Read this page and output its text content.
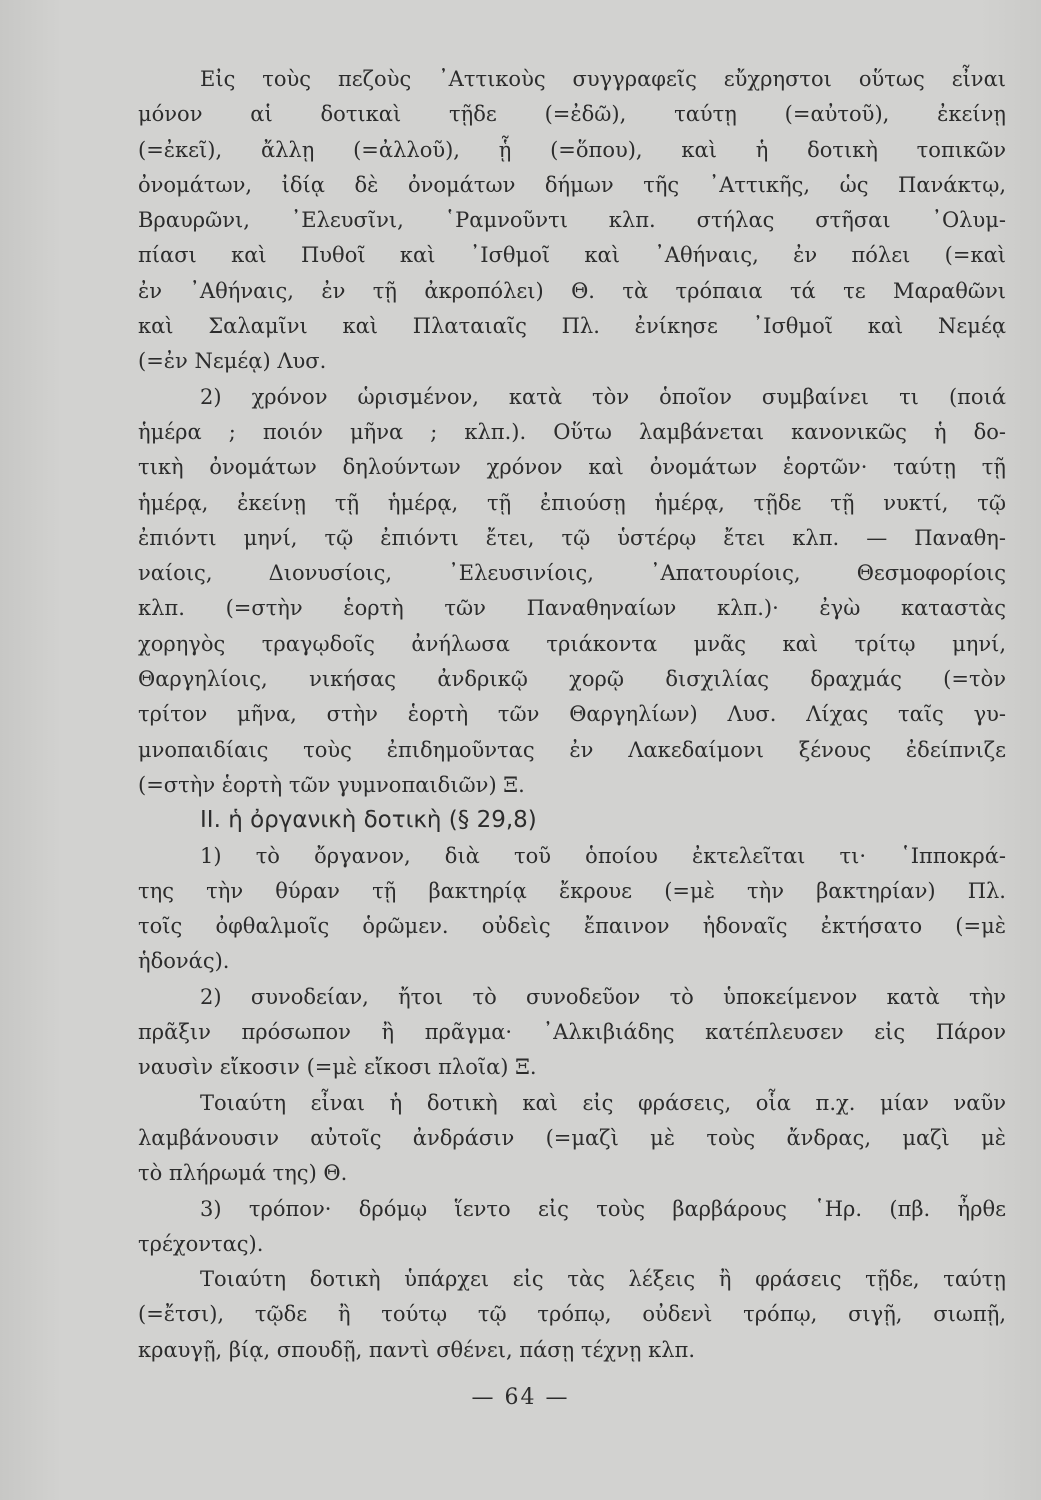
Εἰς τοὺς πεζοὺς ᾿Αττικοὺς συγγραφεῖς εὔχρηστοι οὕτως εἶναι
μόνον αἱ δοτικαὶ τῇδε (=ἐδῶ), ταύτῃ (=αὐτοῦ), ἐκείνῃ
(=ἐκεῖ), ἄλλῃ (=ἀλλοῦ), ᾗ (=ὅπου), καὶ ἡ δοτικὴ τοπικῶν
ὀνομάτων, ἰδίᾳ δὲ ὀνομάτων δήμων τῆς ᾿Αττικῆς, ὡς Πανάκτῳ,
Βραυρῶνι, ᾿Ελευσῖνι, ῾Ραμνοῦντι κλπ. στήλας στῆσαι ᾿Ολυμ-
πίασι καὶ Πυθοῖ καὶ ᾿Ισθμοῖ καὶ ᾿Αθήναις, ἐν πόλει (=καὶ
ἐν ᾿Αθήναις, ἐν τῇ ἀκροπόλει) Θ. τὰ τρόπαια τά τε Μαραθῶνι
καὶ Σαλαμῖνι καὶ Πλαταιαῖς Πλ. ἐνίκησε ᾿Ισθμοῖ καὶ Νεμέᾳ
(=ἐν Νεμέᾳ) Λυσ.
2) χρόνον ὡρισμένον, κατὰ τὸν ὁποῖον συμβαίνει τι (ποιά
ἡμέρα ; ποιόν μῆνα ; κλπ.). Οὕτω λαμβάνεται κανονικῶς ἡ δο-
τικὴ ὀνομάτων δηλούντων χρόνον καὶ ὀνομάτων ἑορτῶν· ταύτῃ τῇ
ἡμέρᾳ, ἐκείνῃ τῇ ἡμέρᾳ, τῇ ἐπιούσῃ ἡμέρᾳ, τῇδε τῇ νυκτί, τῷ
ἐπιόντι μηνί, τῷ ἐπιόντι ἔτει, τῷ ὑστέρῳ ἔτει κλπ. — Παναθη-
ναίοις, Διονυσίοις, ᾿Ελευσινίοις, ᾿Απατουρίοις, Θεσμοφορίοις
κλπ. (=στὴν ἑορτὴ τῶν Παναθηναίων κλπ.)· ἐγὼ καταστὰς
χορηγὸς τραγῳδοῖς ἀνήλωσα τριάκοντα μνᾶς καὶ τρίτῳ μηνί,
Θαργηλίοις, νικήσας ἀνδρικῷ χορῷ δισχιλίας δραχμάς (=τὸν
τρίτον μῆνα, στὴν ἑορτὴ τῶν Θαργηλίων) Λυσ. Λίχας ταῖς γυ-
μνοπαιδίαις τοὺς ἐπιδημοῦντας ἐν Λακεδαίμονι ξένους ἐδείπνιζε
(=στὴν ἑορτὴ τῶν γυμνοπαιδιῶν) Ξ.
ΙΙ. ἡ ὀργανικὴ δοτικὴ (§ 29,8)
1) τὸ ὄργανον, διὰ τοῦ ὁποίου ἐκτελεῖται τι· ῾Ιπποκρά-
της τὴν θύραν τῇ βακτηρίᾳ ἔκρουε (=μὲ τὴν βακτηρίαν) Πλ.
τοῖς ὀφθαλμοῖς ὁρῶμεν. οὐδεὶς ἔπαινον ἡδοναῖς ἐκτήσατο (=μὲ
ἡδονάς).
2) συνοδείαν, ἤτοι τὸ συνοδεῦον τὸ ὑποκείμενον κατὰ τὴν
πρᾶξιν πρόσωπον ἢ πρᾶγμα· ᾿Αλκιβιάδης κατέπλευσεν εἰς Πάρον
ναυσὶν εἴκοσιν (=μὲ εἴκοσι πλοῖα) Ξ.
Τοιαύτη εἶναι ἡ δοτικὴ καὶ εἰς φράσεις, οἷα π.χ. μίαν ναῦν
λαμβάνουσιν αὐτοῖς ἀνδράσιν (=μαζὶ μὲ τοὺς ἄνδρας, μαζὶ μὲ
τὸ πλήρωμά της) Θ.
3) τρόπον· δρόμῳ ἵεντο εἰς τοὺς βαρβάρους ῾Ηρ. (πβ. ἦρθε
τρέχοντας).
Τοιαύτη δοτικὴ ὑπάρχει εἰς τὰς λέξεις ἢ φράσεις τῇδε, ταύτῃ
(=ἔτσι), τῷδε ἢ τούτῳ τῷ τρόπῳ, οὐδενὶ τρόπῳ, σιγῇ, σιωπῇ,
κραυγῇ, βίᾳ, σπουδῇ, παντὶ σθένει, πάσῃ τέχνῃ κλπ.
— 64 —
